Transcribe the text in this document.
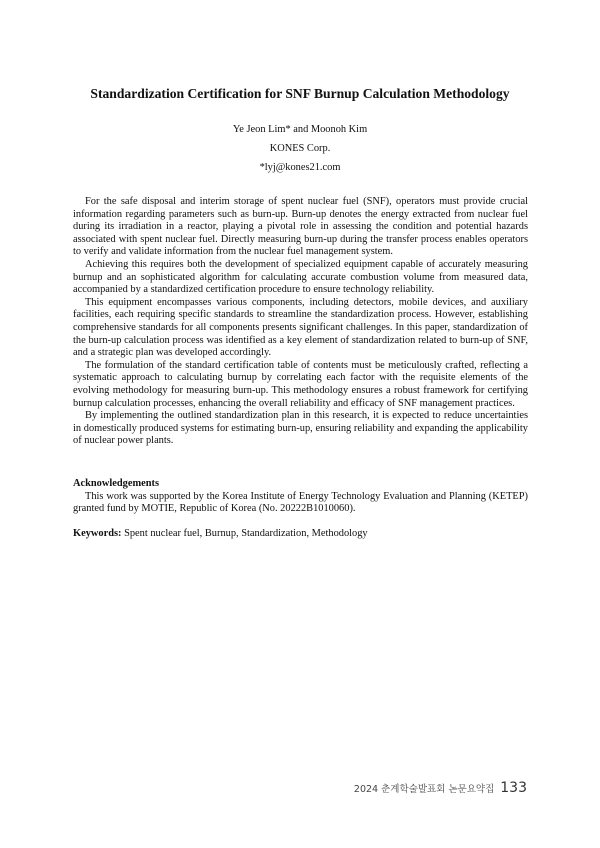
Standardization Certification for SNF Burnup Calculation Methodology
Ye Jeon Lim* and Moonoh Kim
KONES Corp.
*lyj@kones21.com

For the safe disposal and interim storage of spent nuclear fuel (SNF), operators must provide crucial information regarding parameters such as burn-up. Burn-up denotes the energy extracted from nuclear fuel during its irradiation in a reactor, playing a pivotal role in assessing the condition and potential hazards associated with spent nuclear fuel. Directly measuring burn-up during the transfer process enables operators to verify and validate information from the nuclear fuel management system.

Achieving this requires both the development of specialized equipment capable of accurately measuring burnup and an sophisticated algorithm for calculating accurate combustion volume from measured data, accompanied by a standardized certification procedure to ensure technology reliability.

This equipment encompasses various components, including detectors, mobile devices, and auxiliary facilities, each requiring specific standards to streamline the standardization process. However, establishing comprehensive standards for all components presents significant challenges. In this paper, standardization of the burn-up calculation process was identified as a key element of standardization related to burn-up of SNF, and a strategic plan was developed accordingly.

The formulation of the standard certification table of contents must be meticulously crafted, reflecting a systematic approach to calculating burnup by correlating each factor with the requisite elements of the evolving methodology for measuring burn-up. This methodology ensures a robust framework for certifying burnup calculation processes, enhancing the overall reliability and efficacy of SNF management practices.

By implementing the outlined standardization plan in this research, it is expected to reduce uncertainties in domestically produced systems for estimating burn-up, ensuring reliability and expanding the applicability of nuclear power plants.

Acknowledgements

This work was supported by the Korea Institute of Energy Technology Evaluation and Planning (KETEP) granted fund by MOTIE, Republic of Korea (No. 20222B1010060).

Keywords: Spent nuclear fuel, Burnup, Standardization, Methodology
2024 춘계학술발표회 논문요약집 133
